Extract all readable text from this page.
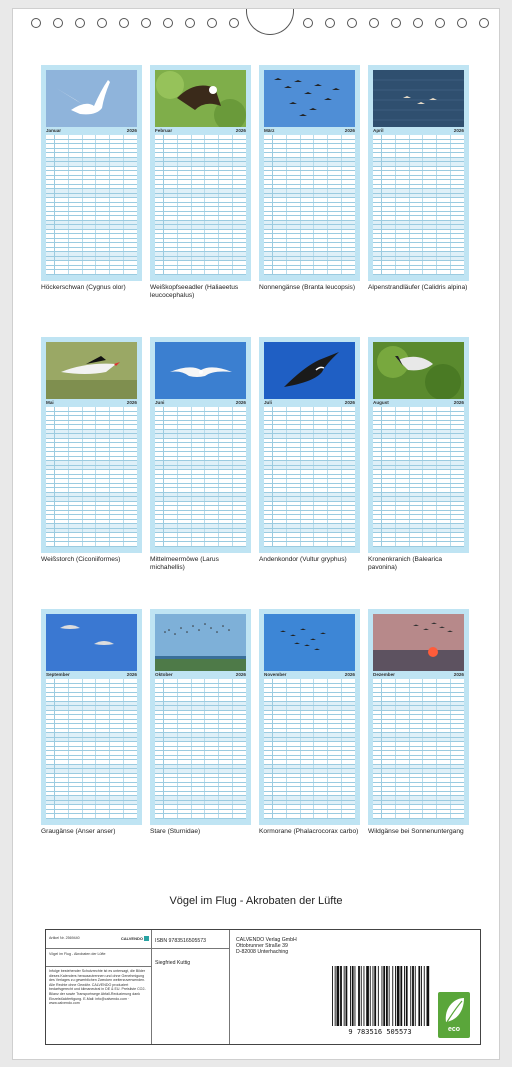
Januar	2026
Höckerschwan (Cygnus olor)
Februar	2026
Weißkopfseeadler (Haliaeetus leucocephalus)
März	2026
Nonnengänse (Branta leucopsis)
April	2026
Alpenstrandläufer (Calidris alpina)
Mai	2026
Weißstorch (Ciconiiformes)
Juni	2026
Mittelmeermöwe (Larus michahellis)
Juli	2026
Andenkondor (Vultur gryphus)
August	2026
Kronenkranich (Balearica pavonina)
September	2026
Graugänse (Anser anser)
Oktober	2026
Stare (Sturnidae)
November	2026
Kormorane (Phalacrocorax carbo)
Dezember	2026
Wildgänse bei Sonnenuntergang
Vögel im Flug - Akrobaten der Lüfte
Artikel Nr. 2569440	CALVENDO
Vögel im Flug - Akrobaten der Lüfte
Infolge bestehender Schutzrechte ist es untersagt, die Bilder dieses Kalenders herauszutrennen und ohne Genehmigung des Verlages zu gewerblichen Zwecken weiterzuverwenden. Alle Rechte ohne Gewähr. CALVENDO produziert bedarfsgerecht und klimaneutral in DE & EU. Preisliste CO2-Bilanz der sowie Transportwege Abfall-Reduzierung dank Einzelstückfertigung. E-Mail: info@calvendo.com · www.calvendo.com
ISBN 9783516505573
Siegfried Kuttig
CALVENDO Verlag GmbH
Ottobrunner Straße 39
D-82008 Unterhaching
9 783516 505573	eco
